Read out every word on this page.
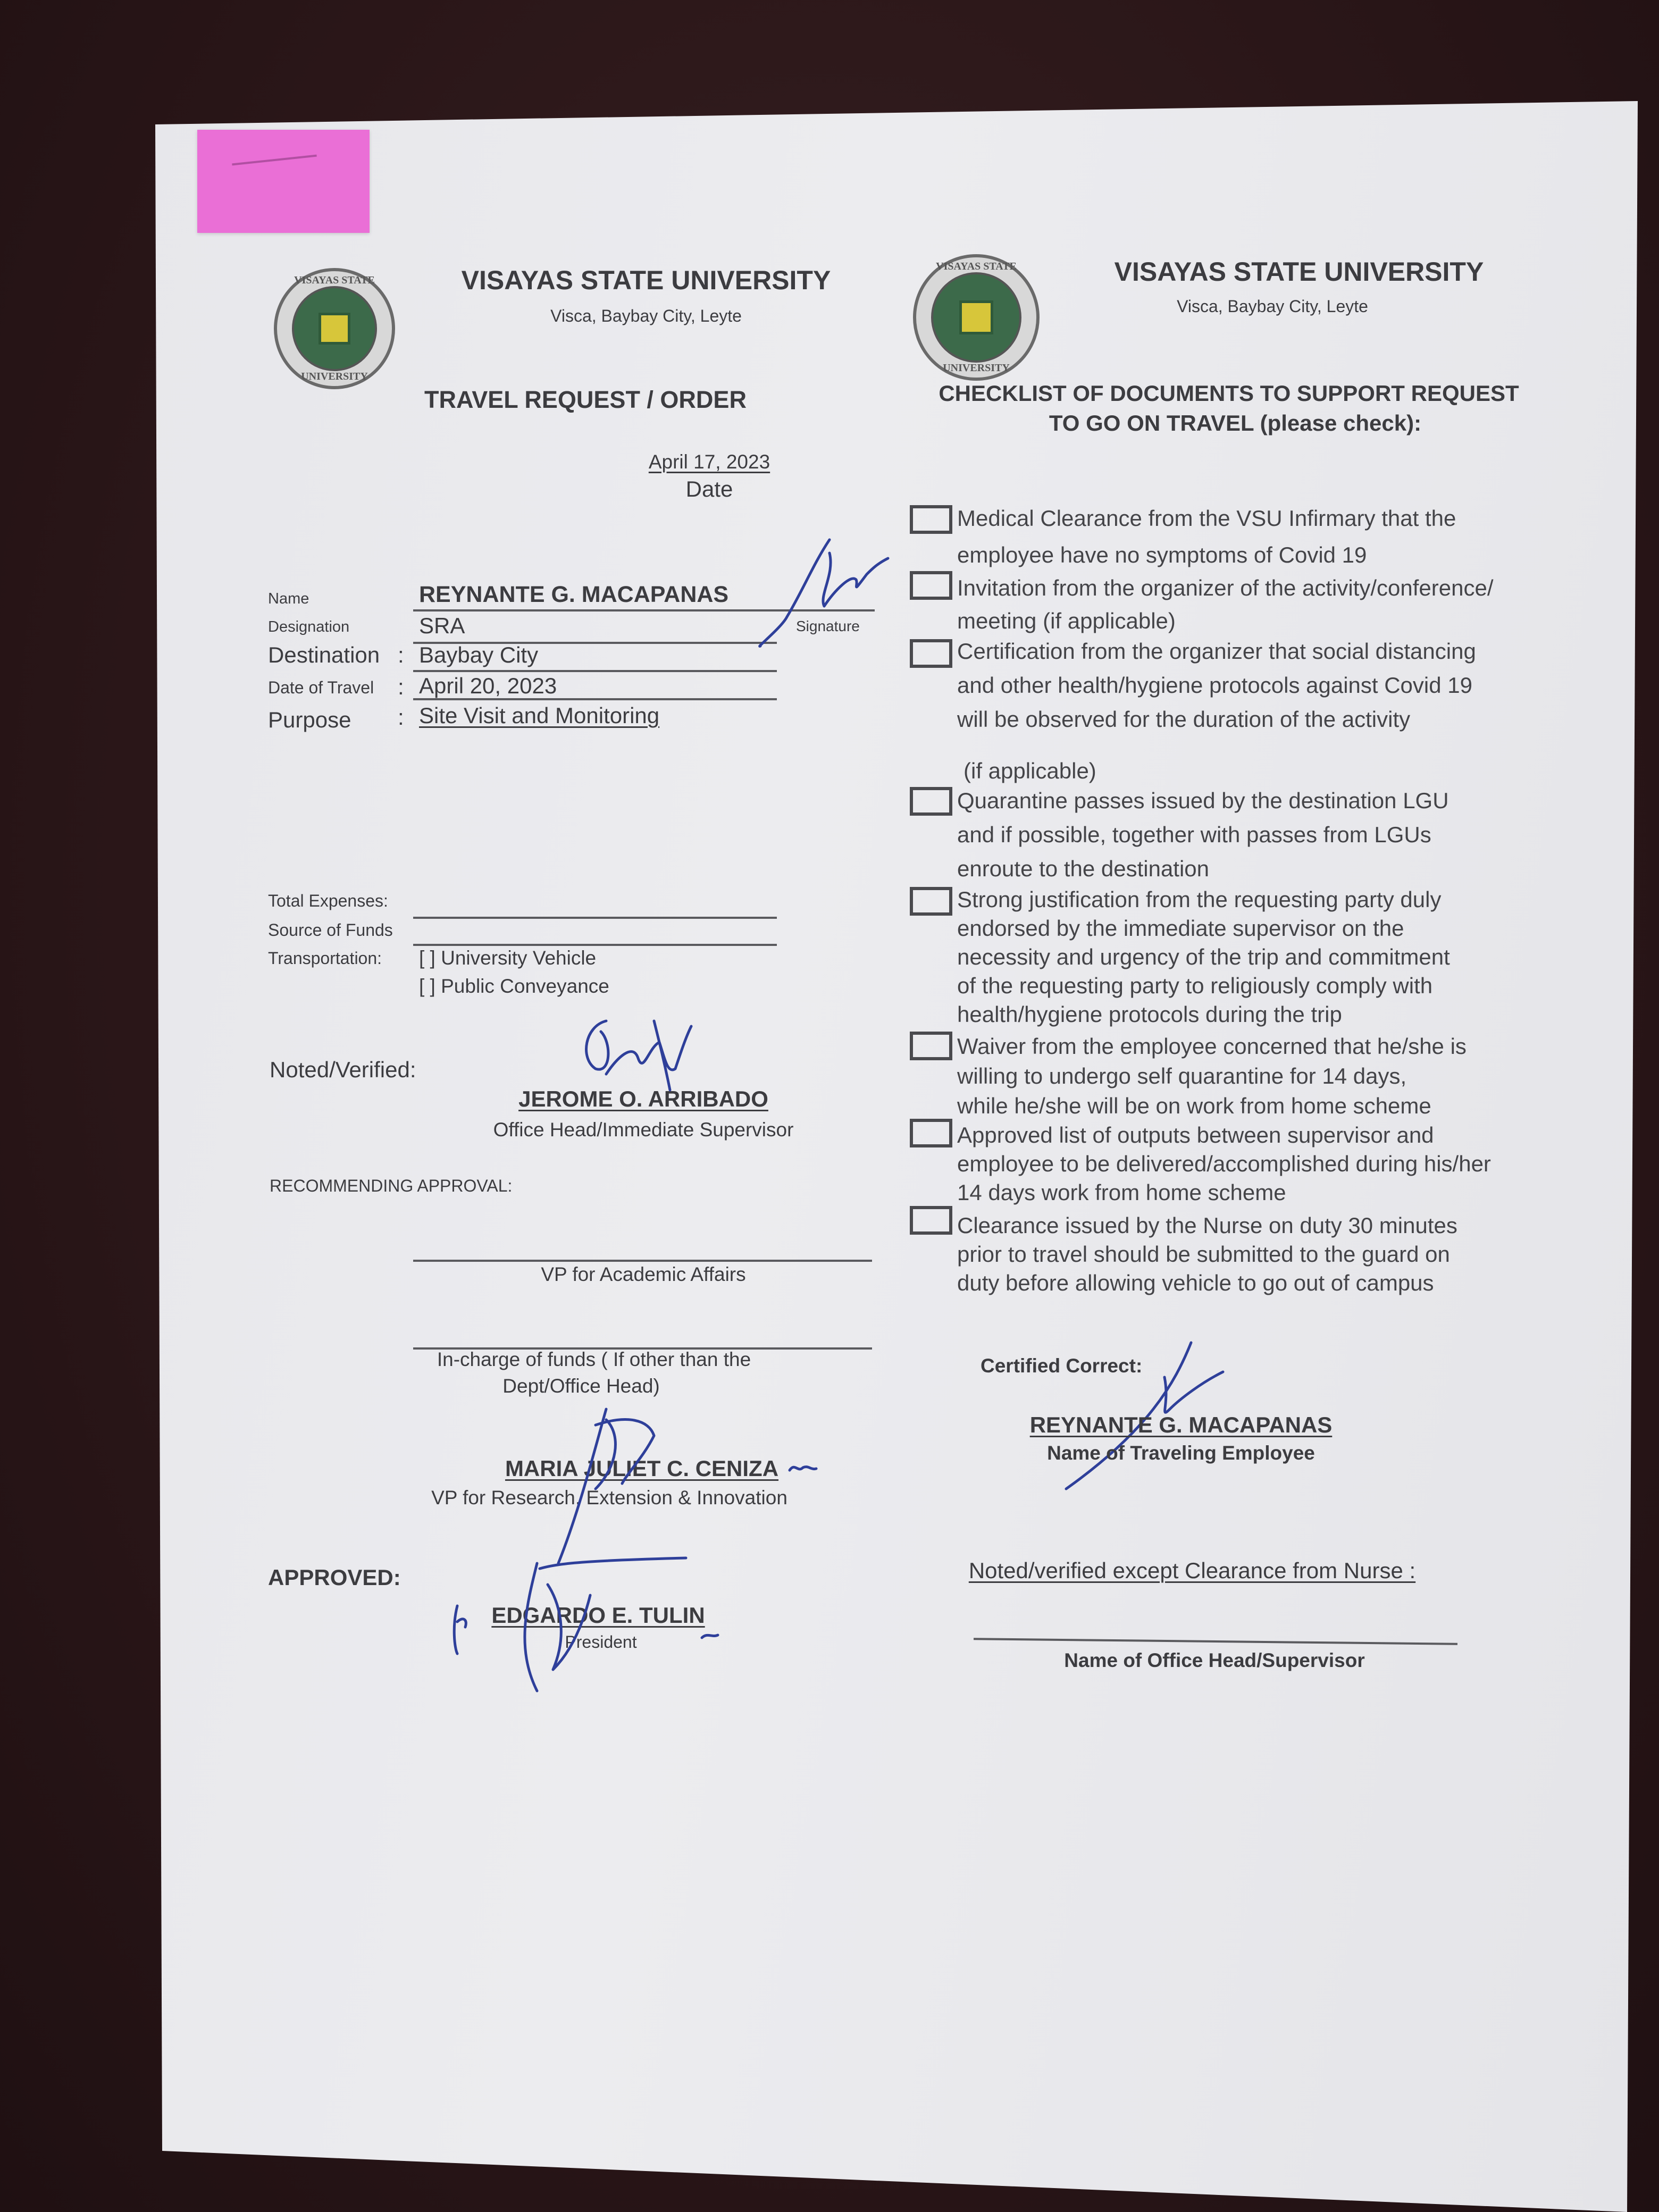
VISAYAS STATE
UNIVERSITY
VISAYAS STATE UNIVERSITY
Visca, Baybay City, Leyte
TRAVEL REQUEST / ORDER
April 17, 2023
Date
Name	REYNANTE G. MACAPANAS
Signature
Designation	SRA
Destination : Baybay City
Date of Travel : April 20, 2023
Purpose : Site Visit and Monitoring
Total Expenses:
Source of Funds
Transportation: [ ] University Vehicle
[ ] Public Conveyance
Noted/Verified:
JEROME O. ARRIBADO
Office Head/Immediate Supervisor
RECOMMENDING APPROVAL:
VP for Academic Affairs
In-charge of funds ( If other than the
Dept/Office Head)
MARIA JULIET C. CENIZA
VP for Research, Extension & Innovation
APPROVED:
EDGARDO E. TULIN
President
VISAYAS STATE
UNIVERSITY
VISAYAS STATE UNIVERSITY
Visca, Baybay City, Leyte
CHECKLIST OF DOCUMENTS TO SUPPORT REQUEST
TO GO ON TRAVEL (please check):
Medical Clearance from the VSU Infirmary that the
employee have no symptoms of Covid 19
Invitation from the organizer of the activity/conference/
meeting (if applicable)
Certification from the organizer that social distancing
and other health/hygiene protocols against Covid 19
will be observed for the duration of the activity
(if applicable)
Quarantine passes issued by the destination LGU
and if possible, together with passes from LGUs
enroute to the destination
Strong justification from the requesting party duly
endorsed by the immediate supervisor on the
necessity and urgency of the trip and commitment
of the requesting party to religiously comply with
health/hygiene protocols during the trip
Waiver from the employee concerned that he/she is
willing to undergo self quarantine for 14 days,
while he/she will be on work from home scheme
Approved list of outputs between supervisor and
employee to be delivered/accomplished during his/her
14 days work from home scheme
Clearance issued by the Nurse on duty 30 minutes
prior to travel should be submitted to the guard on
duty before allowing vehicle to go out of campus
Certified Correct:
REYNANTE G. MACAPANAS
Name of Traveling Employee
Noted/verified except Clearance from Nurse :
Name of Office Head/Supervisor
